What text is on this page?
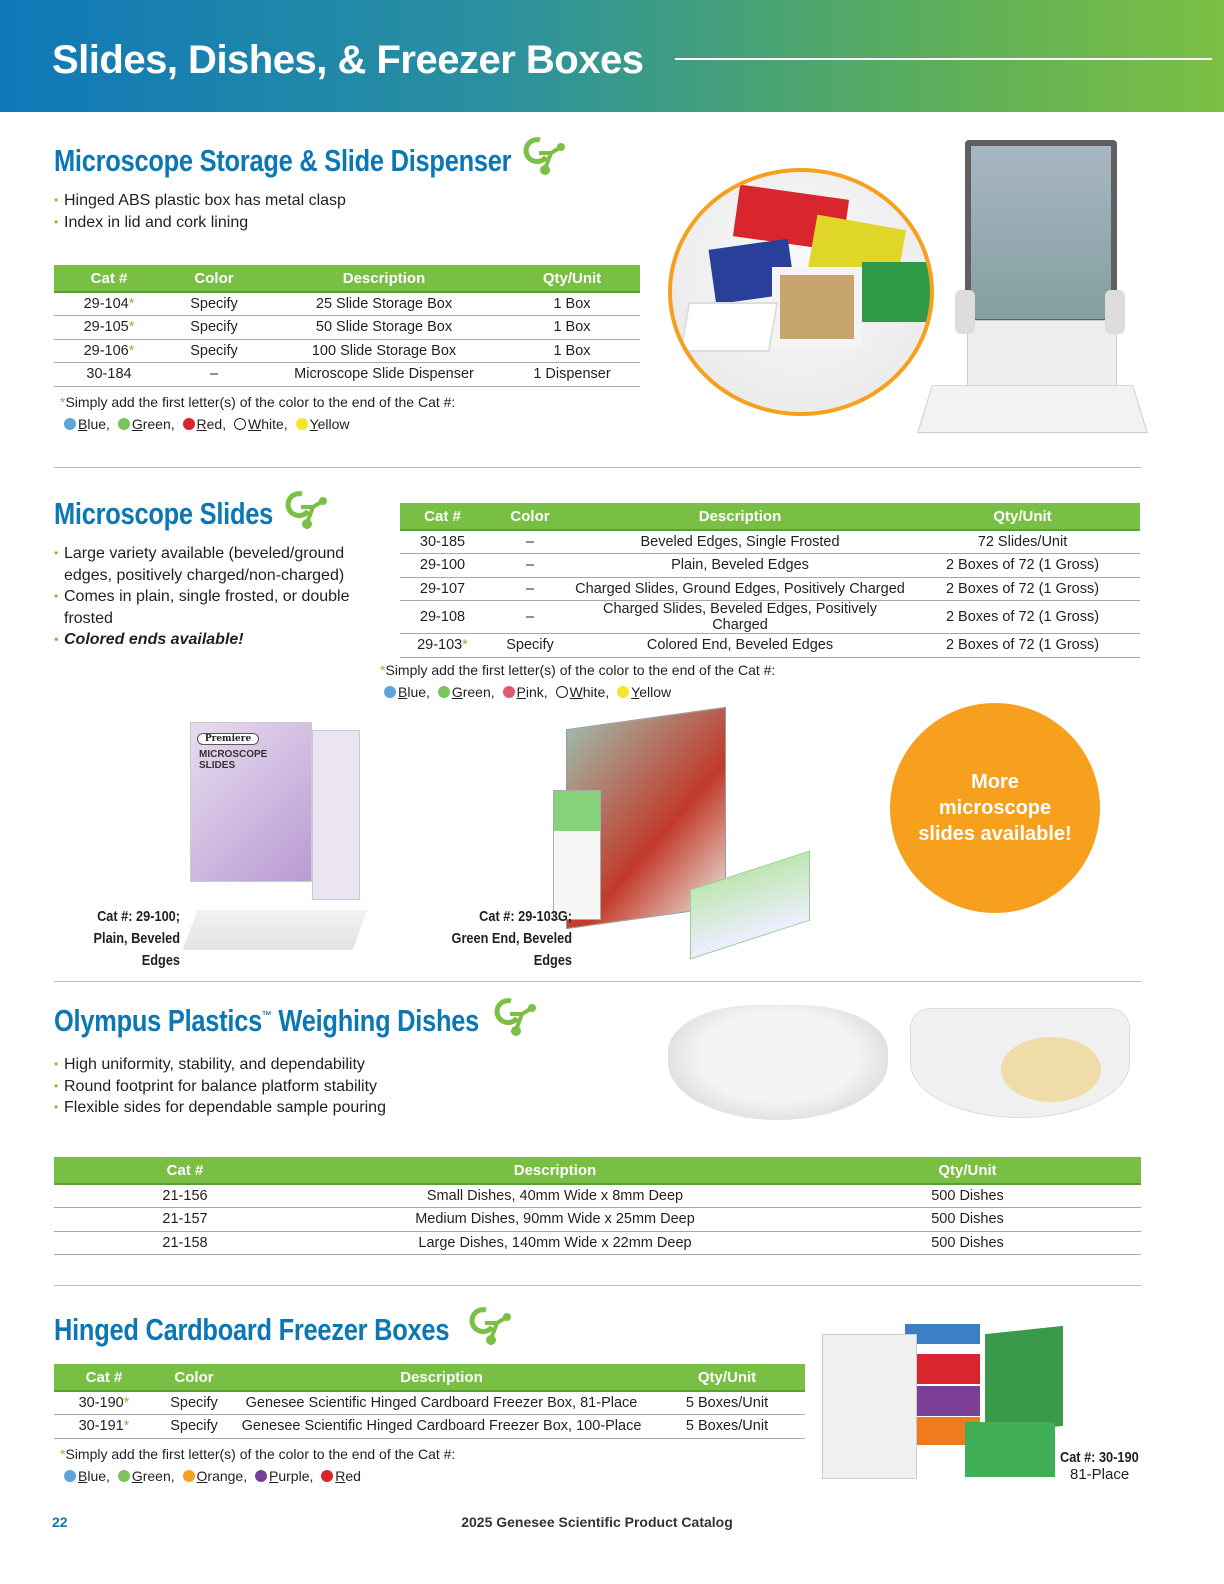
Slides, Dishes, & Freezer Boxes
Microscope Storage & Slide Dispenser
• Hinged ABS plastic box has metal clasp
• Index in lid and cork lining
Cat #	Color	Description	Qty/Unit
29-104*	Specify	25 Slide Storage Box	1 Box
29-105*	Specify	50 Slide Storage Box	1 Box
29-106*	Specify	100 Slide Storage Box	1 Box
30-184	–	Microscope Slide Dispenser	1 Dispenser
*Simply add the first letter(s) of the color to the end of the Cat #:
Blue, Green, Red, White, Yellow
Microscope Slides
• Large variety available (beveled/ground edges, positively charged/non-charged)
• Comes in plain, single frosted, or double frosted
• Colored ends available!
Cat #	Color	Description	Qty/Unit
30-185	–	Beveled Edges, Single Frosted	72 Slides/Unit
29-100	–	Plain, Beveled Edges	2 Boxes of 72 (1 Gross)
29-107	–	Charged Slides, Ground Edges, Positively Charged	2 Boxes of 72 (1 Gross)
29-108	–	Charged Slides, Beveled Edges, Positively Charged	2 Boxes of 72 (1 Gross)
29-103*	Specify	Colored End, Beveled Edges	2 Boxes of 72 (1 Gross)
*Simply add the first letter(s) of the color to the end of the Cat #:
Blue, Green, Pink, White, Yellow
Premiere
MICROSCOPE
SLIDES
Cat #: 29-100;
Plain, Beveled Edges
Cat #: 29-103G;
Green End, Beveled Edges
More microscope slides available!
Olympus Plastics™ Weighing Dishes
• High uniformity, stability, and dependability
• Round footprint for balance platform stability
• Flexible sides for dependable sample pouring
Cat #	Description	Qty/Unit
21-156	Small Dishes, 40mm Wide x 8mm Deep	500 Dishes
21-157	Medium Dishes, 90mm Wide x 25mm Deep	500 Dishes
21-158	Large Dishes, 140mm Wide x 22mm Deep	500 Dishes
Hinged Cardboard Freezer Boxes
Cat #	Color	Description	Qty/Unit
30-190*	Specify	Genesee Scientific Hinged Cardboard Freezer Box, 81-Place	5 Boxes/Unit
30-191*	Specify	Genesee Scientific Hinged Cardboard Freezer Box, 100-Place	5 Boxes/Unit
*Simply add the first letter(s) of the color to the end of the Cat #:
Blue, Green, Orange, Purple, Red
Cat #: 30-190
81-Place
22	2025 Genesee Scientific Product Catalog
